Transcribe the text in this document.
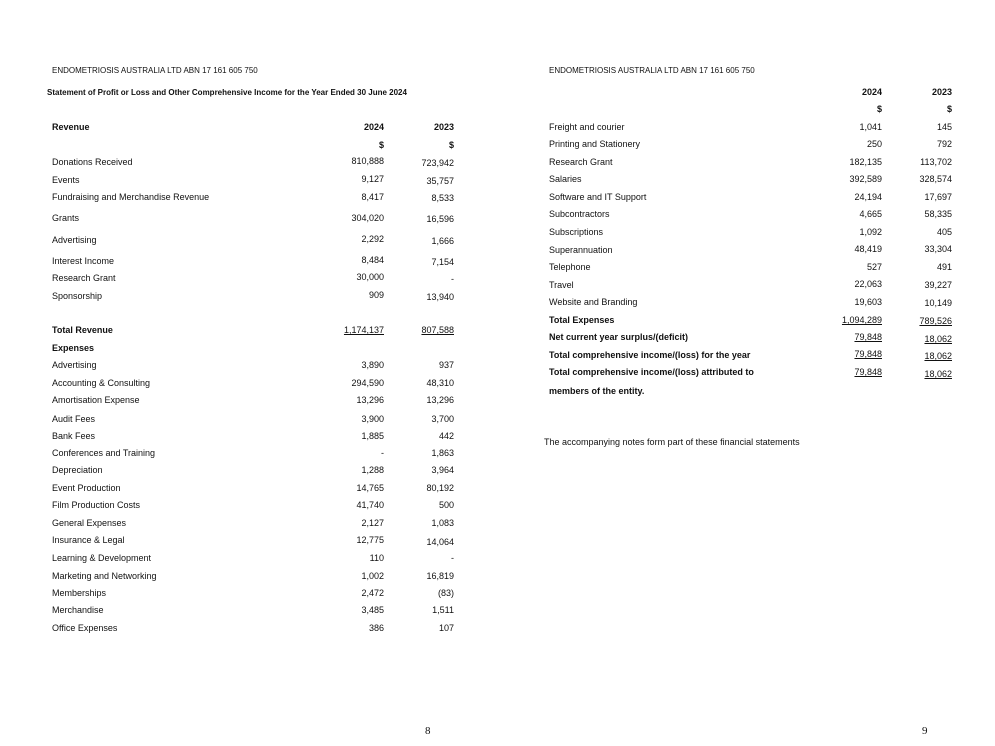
ENDOMETRIOSIS AUSTRALIA LTD ABN 17 161 605 750
Statement of Profit or Loss and Other Comprehensive Income for the Year Ended 30 June 2024
Revenue	2024	2023
$	$
Donations Received	810,888	723,942
Events	9,127	35,757
Fundraising and Merchandise Revenue	8,417	8,533
Grants	304,020	16,596
Advertising	2,292	1,666
Interest Income	8,484	7,154
Research Grant	30,000	-
Sponsorship	909	13,940
Total Revenue	1,174,137	807,588
Expenses
Advertising	3,890	937
Accounting & Consulting	294,590	48,310
Amortisation Expense	13,296	13,296
Audit Fees	3,900	3,700
Bank Fees	1,885	442
Conferences and Training	-	1,863
Depreciation	1,288	3,964
Event Production	14,765	80,192
Film Production Costs	41,740	500
General Expenses	2,127	1,083
Insurance & Legal	12,775	14,064
Learning & Development	110	-
Marketing and Networking	1,002	16,819
Memberships	2,472	(83)
Merchandise	3,485	1,511
Office Expenses	386	107
8
ENDOMETRIOSIS AUSTRALIA LTD ABN 17 161 605 750
2024	2023
$	$
Freight and courier	1,041	145
Printing and Stationery	250	792
Research Grant	182,135	113,702
Salaries	392,589	328,574
Software and IT Support	24,194	17,697
Subcontractors	4,665	58,335
Subscriptions	1,092	405
Superannuation	48,419	33,304
Telephone	527	491
Travel	22,063	39,227
Website and Branding	19,603	10,149
Total Expenses	1,094,289	789,526
Net current year surplus/(deficit)	79,848	18,062
Total comprehensive income/(loss) for the year	79,848	18,062
Total comprehensive income/(loss) attributed to	79,848	18,062
members of the entity.
The accompanying notes form part of these financial statements
9
